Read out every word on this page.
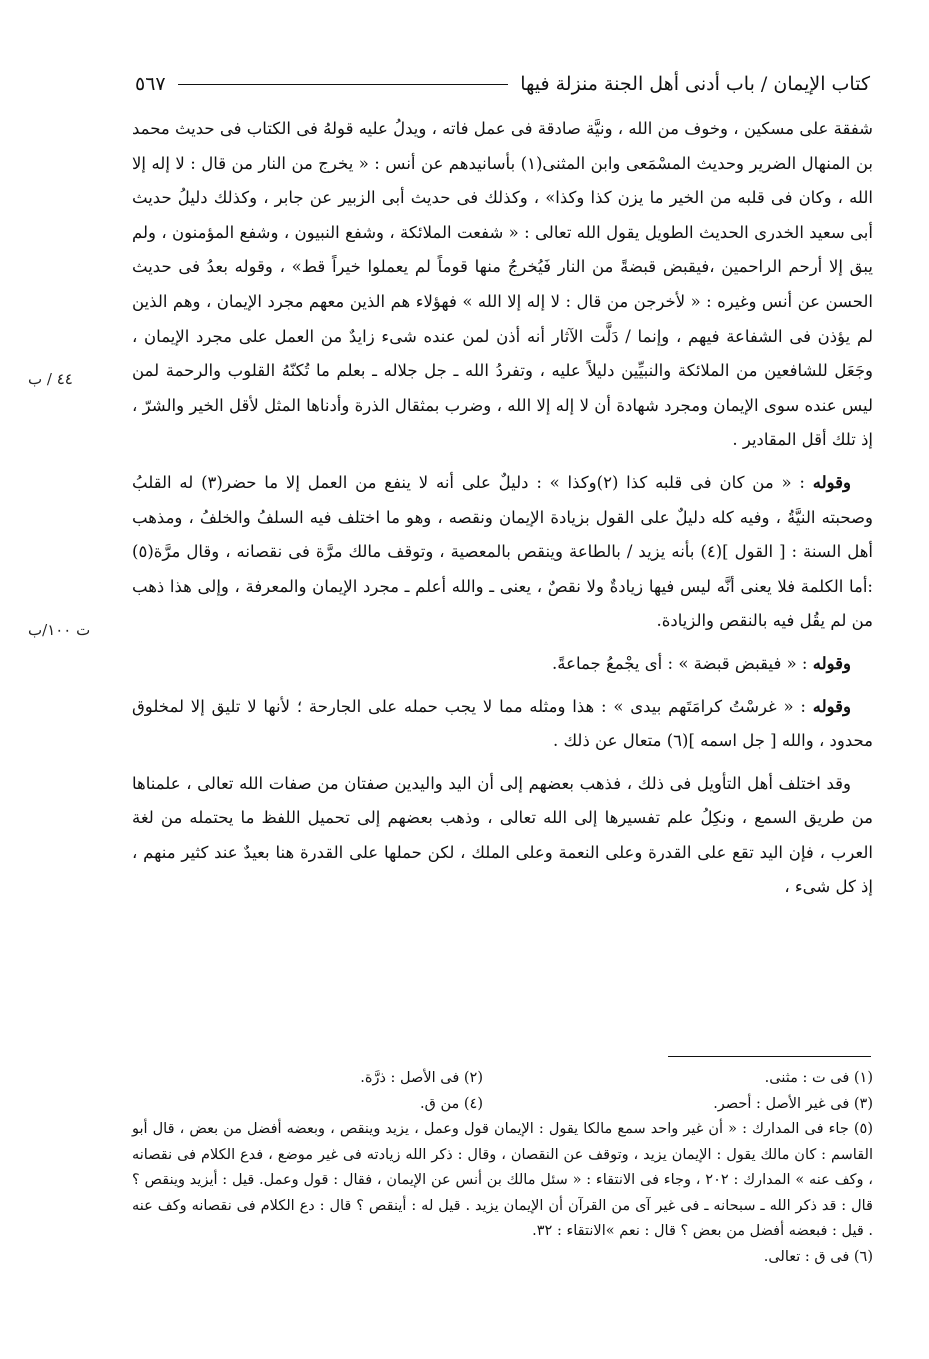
كتاب الإيمان / باب أدنى أهل الجنة منزلة فيها
٥٦٧
٤٤ / ب
ت ١٠٠/ب

شفقة على مسكين ، وخوف من الله ، ونيَّة صادقة فى عمل فاته ، ويدلُ عليه قولهُ فى الكتاب فى حديث محمد بن المنهال الضرير وحديث المسْمَعى وابن المثنى(١) بأسانيدهم عن أنس : « يخرج من النار من قال : لا إله إلا الله ، وكان فى قلبه من الخير ما يزن كذا وكذا» ، وكذلك فى حديث أبى الزبير عن جابر ، وكذلك دليلُ حديث أبى سعيد الخدرى الحديث الطويل يقول الله تعالى : « شفعت الملائكة ، وشفع النبيون ، وشفع المؤمنون ، ولم يبق إلا أرحم الراحمين ،فيقبض قبضةً من النار فَيُخرجُ منها قوماً لم يعملوا خيراً قط» ، وقوله بعدُ فى حديث الحسن عن أنس وغيره : « لأخرجن من قال : لا إله إلا الله » فهؤلاء هم الذين معهم مجرد الإيمان ، وهم الذين لم يؤذن فى الشفاعة فيهم ، وإنما / دَلَّت الآثار أنه أذن لمن عنده شىء زايدٌ من العمل على مجرد الإيمان ، وجَعَل للشافعين من الملائكة والنبيِّين دليلاً عليه ، وتفردُ الله ـ جل جلاله ـ بعلم ما تُكنّهُ القلوب والرحمة لمن ليس عنده سوى الإيمان ومجرد شهادة أن لا إله إلا الله ، وضرب بمثقال الذرة وأدناها المثل لأقل الخير والشرّ ، إذ تلك أقل المقادير .

وقوله : « من كان فى قلبه كذا (٢)وكذا » : دليلٌ على أنه لا ينفع من العمل إلا ما حضر(٣) له القلبُ وصحبته النيَّةُ ، وفيه كله دليلٌ على القول بزيادة الإيمان ونقصه ، وهو ما اختلف فيه السلفُ والخلفُ ، ومذهب أهل السنة : [ القول ](٤) بأنه يزيد / بالطاعة وينقص بالمعصية ، وتوقف مالك مرَّة فى نقصانه ، وقال مرَّة(٥) :أما الكلمة فلا يعنى أنَّه ليس فيها زيادةٌ ولا نقصٌ ، يعنى ـ والله أعلم ـ مجرد الإيمان والمعرفة ، وإلى هذا ذهب من لم يقُل فيه بالنقص والزيادة.

وقوله : « فيقبض قبضة » : أى يجْمعُ جماعةً.

وقوله : « غرسْتُ كرامَتَهم بيدى » : هذا ومثله مما لا يجب حمله على الجارحة ؛ لأنها لا تليق إلا لمخلوق محدود ، والله [ جل اسمه ](٦) متعال عن ذلك .

وقد اختلف أهل التأويل فى ذلك ، فذهب بعضهم إلى أن اليد واليدين صفتان من صفات الله تعالى ، علمناها من طريق السمع ، ونكِلُ علم تفسيرها إلى الله تعالى ، وذهب بعضهم إلى تحميل اللفظ ما يحتمله من لغة العرب ، فإن اليد تقع على القدرة وعلى النعمة وعلى الملك ، لكن حملها على القدرة هنا بعيدٌ عند كثير منهم ، إذ كل شىء ،

(١) فى ت : مثنى.
(٢) فى الأصل : ذرَّة.
(٣) فى غير الأصل : أحصر.
(٤) من ق.

(٥) جاء فى المدارك : « أن غير واحد سمع مالكا يقول : الإيمان قول وعمل ، يزيد وينقص ، وبعضه أفضل من بعض ، قال أبو القاسم : كان مالك يقول : الإيمان يزيد ، وتوقف عن النقصان ، وقال : ذكر الله زيادته فى غير موضع ، فدع الكلام فى نقصانه ، وكف عنه » المدارك : ٢٠٢ ، وجاء فى الانتقاء : « سئل مالك بن أنس عن الإيمان ، فقال : قول وعمل. قيل : أيزيد وينقص ؟ قال : قد ذكر الله ـ سبحانه ـ فى غير آى من القرآن أن الإيمان يزيد . قيل له : أينقص ؟ قال : دع الكلام فى نقصانه وكف عنه . قيل : فبعضه أفضل من بعض ؟ قال : نعم »الانتقاء : ٣٢.

(٦) فى ق : تعالى.
